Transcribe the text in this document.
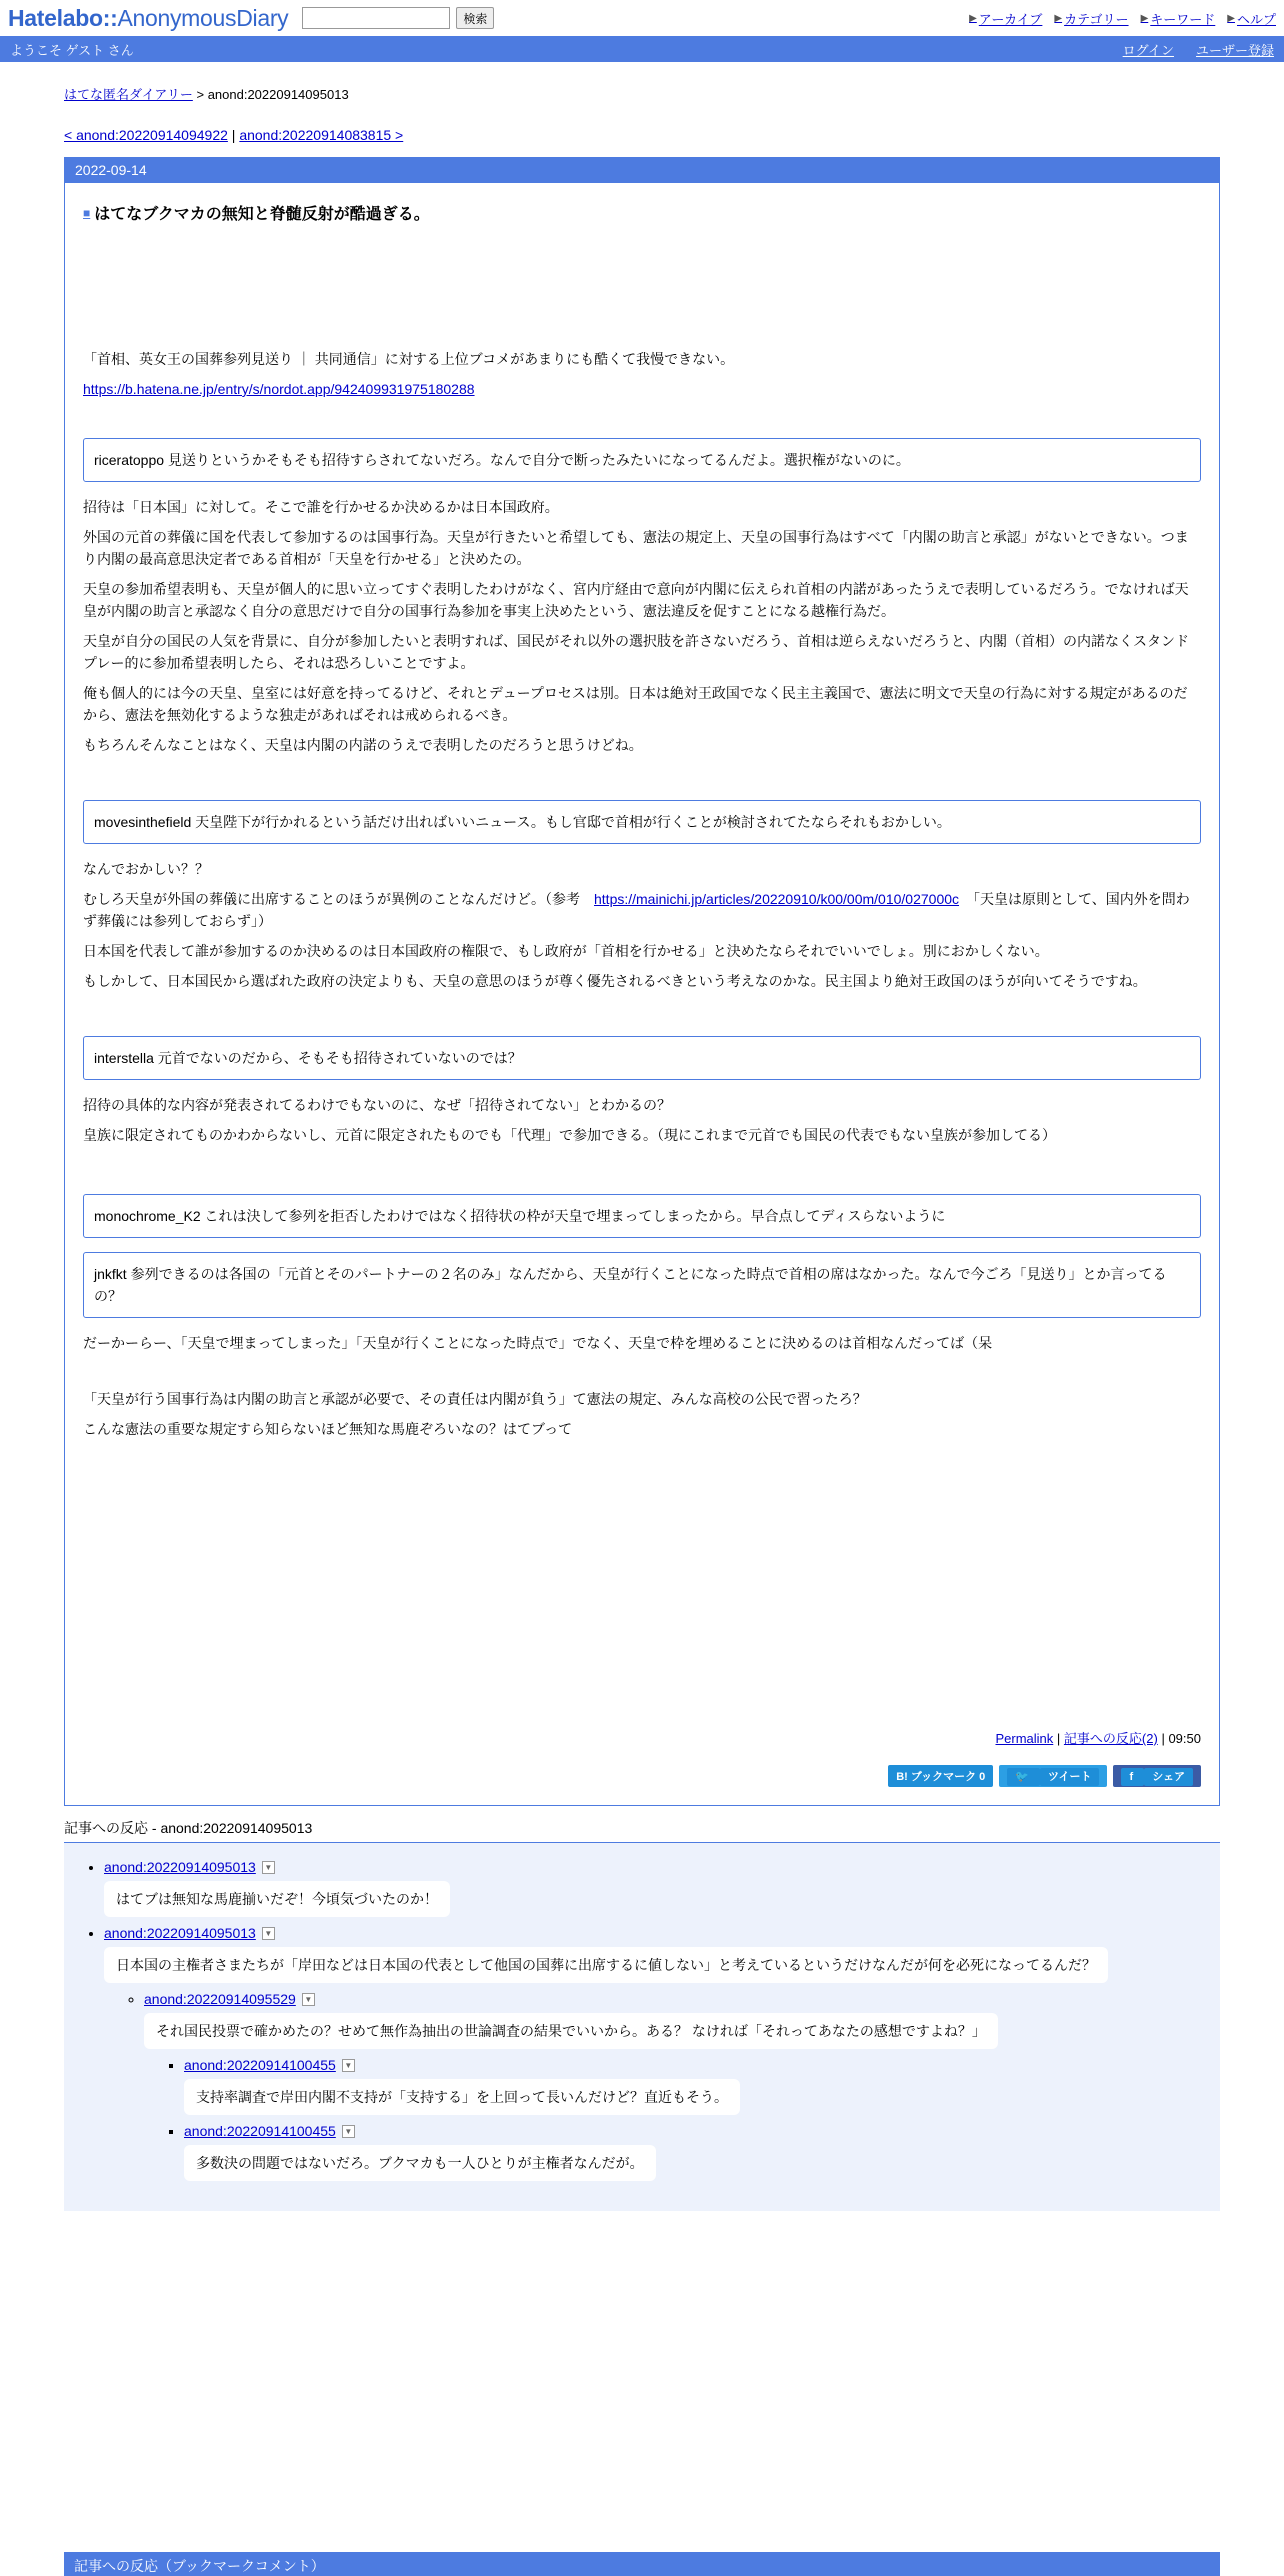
Hatelabo::AnonymousDiary	検索	▶ アーカイブ ▶ カテゴリー ▶ キーワード ▶ ヘルプ
ようこそ ゲスト さん	ログイン ユーザー登録
はてな匿名ダイアリー > anond:20220914095013
< anond:20220914094922 | anond:20220914083815 >
2022-09-14
■ はてなブクマカの無知と脊髄反射が酷過ぎる。

「首相、英女王の国葬参列見送り ｜ 共同通信」に対する上位ブコメがあまりにも酷くて我慢できない。

https://b.hatena.ne.jp/entry/s/nordot.app/942409931975180288

riceratoppo 見送りというかそもそも招待すらされてないだろ。なんで自分で断ったみたいになってるんだよ。選択権がないのに。

招待は「日本国」に対して。そこで誰を行かせるか決めるかは日本国政府。

外国の元首の葬儀に国を代表して参加するのは国事行為。天皇が行きたいと希望しても、憲法の規定上、天皇の国事行為はすべて「内閣の助言と承認」がないとできない。つまり内閣の最高意思決定者である首相が「天皇を行かせる」と決めたの。

天皇の参加希望表明も、天皇が個人的に思い立ってすぐ表明したわけがなく、宮内庁経由で意向が内閣に伝えられ首相の内諾があったうえで表明しているだろう。でなければ天皇が内閣の助言と承認なく自分の意思だけで自分の国事行為参加を事実上決めたという、憲法違反を促すことになる越権行為だ。

天皇が自分の国民の人気を背景に、自分が参加したいと表明すれば、国民がそれ以外の選択肢を許さないだろう、首相は逆らえないだろうと、内閣（首相）の内諾なくスタンドプレー的に参加希望表明したら、それは恐ろしいことですよ。

俺も個人的には今の天皇、皇室には好意を持ってるけど、それとデュープロセスは別。日本は絶対王政国でなく民主主義国で、憲法に明文で天皇の行為に対する規定があるのだから、憲法を無効化するような独走があればそれは戒められるべき。

もちろんそんなことはなく、天皇は内閣の内諾のうえで表明したのだろうと思うけどね。

movesinthefield 天皇陛下が行かれるという話だけ出ればいいニュース。もし官邸で首相が行くことが検討されてたならそれもおかしい。

なんでおかしい？？

むしろ天皇が外国の葬儀に出席することのほうが異例のことなんだけど。（参考　https://mainichi.jp/articles/20220910/k00/00m/010/027000c　「天皇は原則として、国内外を問わず葬儀には参列しておらず」）

日本国を代表して誰が参加するのか決めるのは日本国政府の権限で、もし政府が「首相を行かせる」と決めたならそれでいいでしょ。別におかしくない。

もしかして、日本国民から選ばれた政府の決定よりも、天皇の意思のほうが尊く優先されるべきという考えなのかな。民主国より絶対王政国のほうが向いてそうですね。

interstella 元首でないのだから、そもそも招待されていないのでは？

招待の具体的な内容が発表されてるわけでもないのに、なぜ「招待されてない」とわかるの？

皇族に限定されてものかわからないし、元首に限定されたものでも「代理」で参加できる。（現にこれまで元首でも国民の代表でもない皇族が参加してる）

monochrome_K2 これは決して参列を拒否したわけではなく招待状の枠が天皇で埋まってしまったから。早合点してディスらないように
jnkfkt 参列できるのは各国の「元首とそのパートナーの２名のみ」なんだから、天皇が行くことになった時点で首相の席はなかった。なんで今ごろ「見送り」とか言ってるの？

だーかーらー、「天皇で埋まってしまった」「天皇が行くことになった時点で」でなく、天皇で枠を埋めることに決めるのは首相なんだってば（呆

「天皇が行う国事行為は内閣の助言と承認が必要で、その責任は内閣が負う」て憲法の規定、みんな高校の公民で習ったろ？

こんな憲法の重要な規定すら知らないほど無知な馬鹿ぞろいなの？はてブって

Permalink | 記事への反応(2) | 09:50
B! ブックマーク 0	🐦 ツイート	f シェア
記事への反応 - anond:20220914095013
• anond:20220914095013	▼
はてブは無知な馬鹿揃いだぞ！今頃気づいたのか！
• anond:20220914095013	▼
日本国の主権者さまたちが「岸田などは日本国の代表として他国の国葬に出席するに値しない」と考えているというだけなんだが何を必死になってるんだ？
◦ anond:20220914095529	▼
それ国民投票で確かめたの？せめて無作為抽出の世論調査の結果でいいから。ある？ なければ「それってあなたの感想ですよね？」
▪ anond:20220914100455	▼
支持率調査で岸田内閣不支持が「支持する」を上回って長いんだけど？直近もそう。
▪ anond:20220914100455	▼
多数決の問題ではないだろ。ブクマカも一人ひとりが主権者なんだが。
記事への反応（ブックマークコメント）
